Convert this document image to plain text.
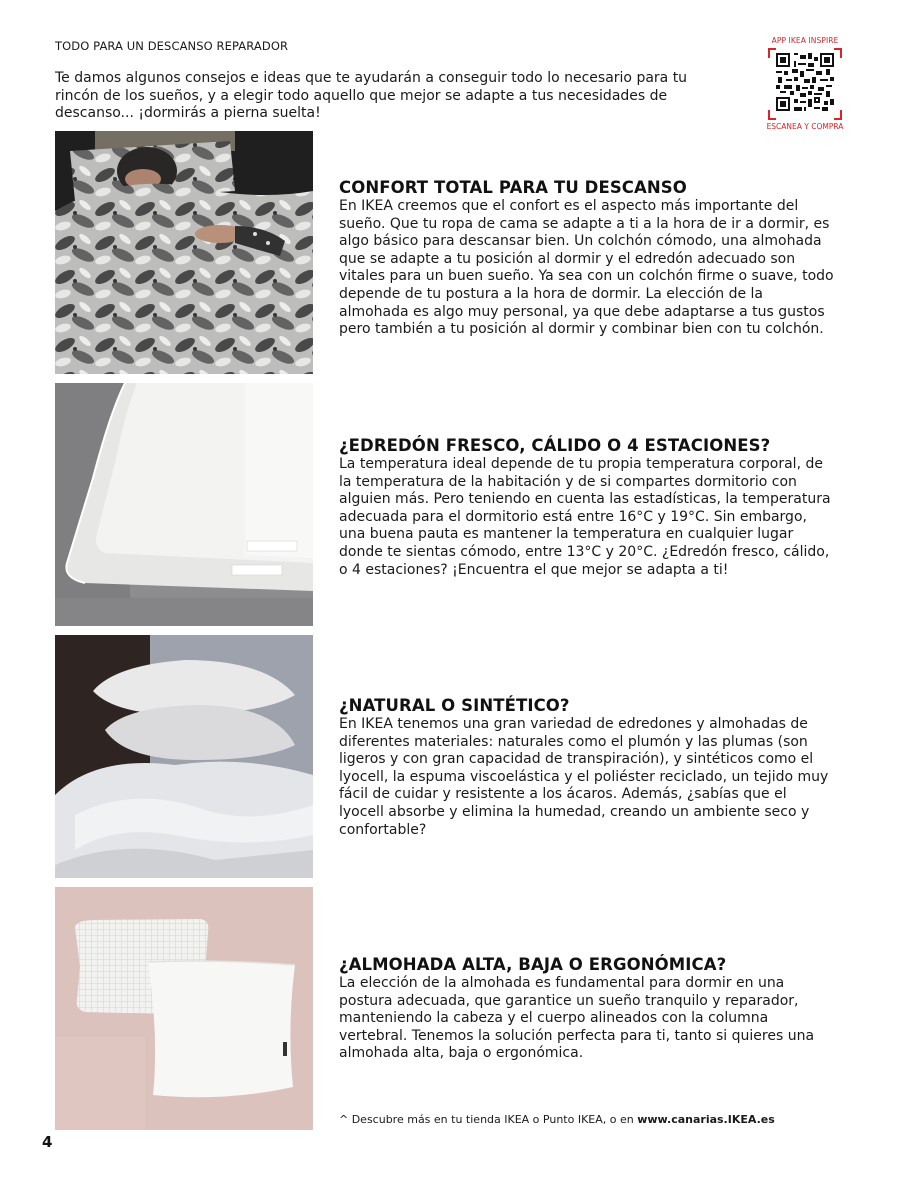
TODO PARA UN DESCANSO REPARADOR
Te damos algunos consejos e ideas que te ayudarán a conseguir todo lo necesario para tu rincón de los sueños, y a elegir todo aquello que mejor se adapte a tus necesidades de descanso... ¡dormirás a pierna suelta!
APP IKEA INSPIRE
ESCANEA Y COMPRA
CONFORT TOTAL PARA TU DESCANSO

En IKEA creemos que el confort es el aspecto más importante del sueño. Que tu ropa de cama se adapte a ti a la hora de ir a dormir, es algo básico para descansar bien. Un colchón cómodo, una almohada que se adapte a tu posición al dormir y el edredón adecuado son vitales para un buen sueño. Ya sea con un colchón firme o suave, todo depende de tu postura a la hora de dormir. La elección de la almohada es algo muy personal, ya que debe adaptarse a tus gustos pero también a tu posición al dormir y combinar bien con tu colchón.

¿EDREDÓN FRESCO, CÁLIDO O 4 ESTACIONES?

La temperatura ideal depende de tu propia temperatura corporal, de la temperatura de la habitación y de si compartes dormitorio con alguien más. Pero teniendo en cuenta las estadísticas, la temperatura adecuada para el dormitorio está entre 16°C y 19°C. Sin embargo, una buena pauta es mantener la temperatura en cualquier lugar donde te sientas cómodo, entre 13°C y 20°C. ¿Edredón fresco, cálido, o 4 estaciones? ¡Encuentra el que mejor se adapta a ti!

¿NATURAL O SINTÉTICO?

En IKEA tenemos una gran variedad de edredones y almohadas de diferentes materiales: naturales como el plumón y las plumas (son ligeros y con gran capacidad de transpiración), y sintéticos como el lyocell, la espuma viscoelástica y el poliéster reciclado, un tejido muy fácil de cuidar y resistente a los ácaros. Además, ¿sabías que el lyocell absorbe y elimina la humedad, creando un ambiente seco y confortable?

¿ALMOHADA ALTA, BAJA O ERGONÓMICA?

La elección de la almohada es fundamental para dormir en una postura adecuada, que garantice un sueño tranquilo y reparador, manteniendo la cabeza y el cuerpo alineados con la columna vertebral. Tenemos la solución perfecta para ti, tanto si quieres una almohada alta, baja o ergonómica.

^ Descubre más en tu tienda IKEA o Punto IKEA, o en www.canarias.IKEA.es
4
